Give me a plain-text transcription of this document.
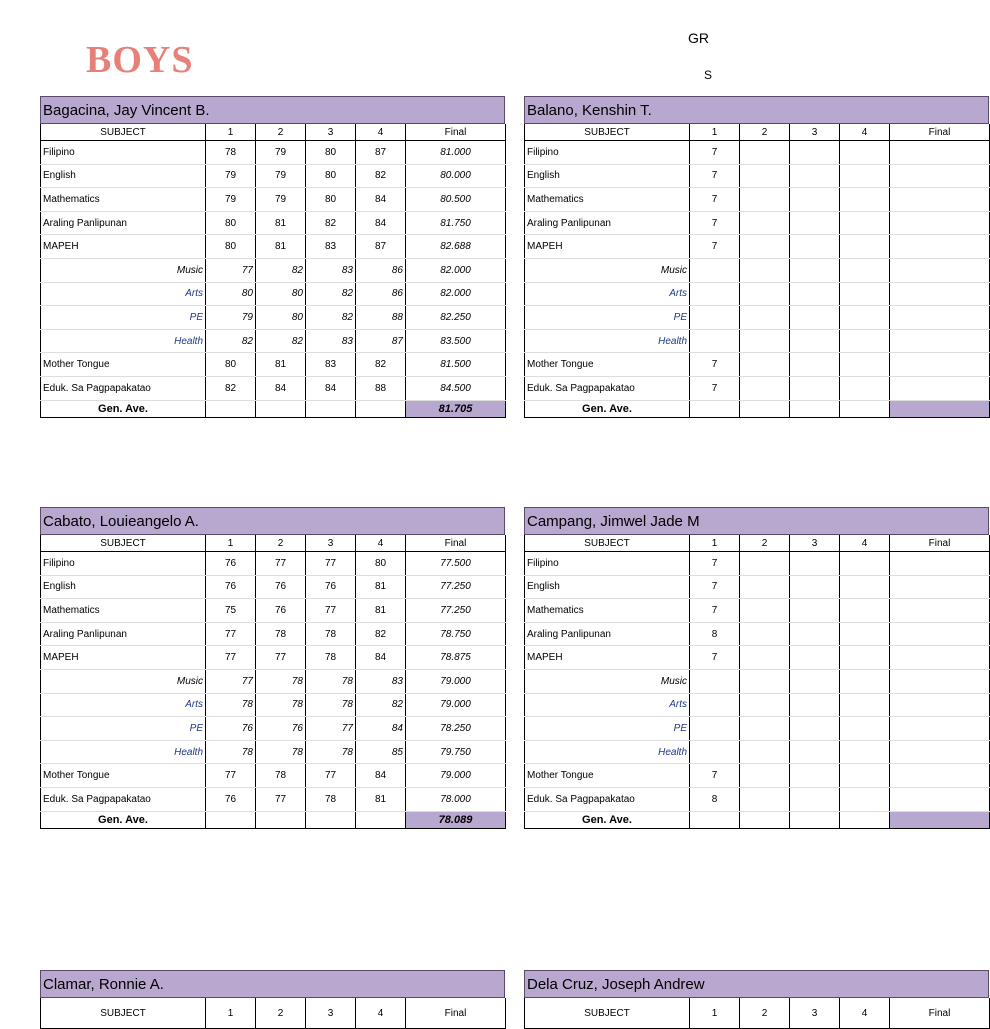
BOYS
GR
S
Bagacina, Jay Vincent B.
SUBJECT	1	2	3	4	Final
Filipino	78	79	80	87	81.000
English	79	79	80	82	80.000
Mathematics	79	79	80	84	80.500
Araling Panlipunan	80	81	82	84	81.750
MAPEH	80	81	83	87	82.688
Music	77	82	83	86	82.000
Arts	80	80	82	86	82.000
PE	79	80	82	88	82.250
Health	82	82	83	87	83.500
Mother Tongue	80	81	83	82	81.500
Eduk. Sa Pagpapakatao	82	84	84	88	84.500
Gen. Ave.					81.705
Balano, Kenshin T.
SUBJECT	1	2	3	4	Final
Filipino	7				
English	7				
Mathematics	7				
Araling Panlipunan	7				
MAPEH	7				
Music					
Arts					
PE					
Health					
Mother Tongue	7				
Eduk. Sa Pagpapakatao	7				
Gen. Ave.					
Cabato, Louieangelo A.
SUBJECT	1	2	3	4	Final
Filipino	76	77	77	80	77.500
English	76	76	76	81	77.250
Mathematics	75	76	77	81	77.250
Araling Panlipunan	77	78	78	82	78.750
MAPEH	77	77	78	84	78.875
Music	77	78	78	83	79.000
Arts	78	78	78	82	79.000
PE	76	76	77	84	78.250
Health	78	78	78	85	79.750
Mother Tongue	77	78	77	84	79.000
Eduk. Sa Pagpapakatao	76	77	78	81	78.000
Gen. Ave.					78.089
Campang, Jimwel Jade M
SUBJECT	1	2	3	4	Final
Filipino	7				
English	7				
Mathematics	7				
Araling Panlipunan	8				
MAPEH	7				
Music					
Arts					
PE					
Health					
Mother Tongue	7				
Eduk. Sa Pagpapakatao	8				
Gen. Ave.					
Clamar, Ronnie A.
SUBJECT	1	2	3	4	Final
Dela Cruz, Joseph Andrew
SUBJECT	1	2	3	4	Final
